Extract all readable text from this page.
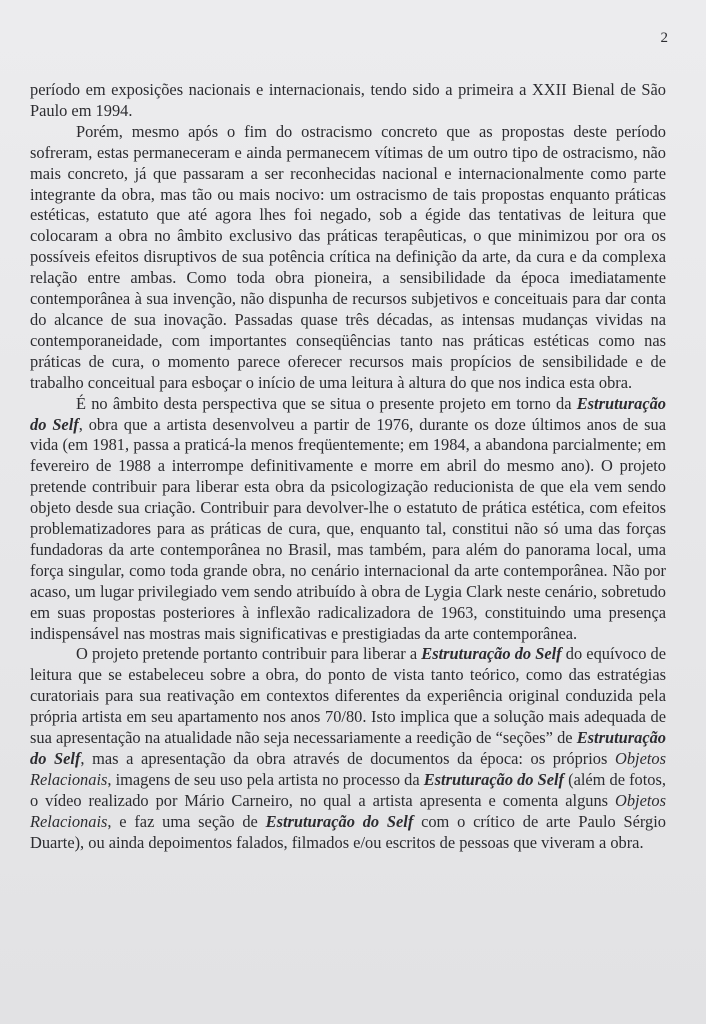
2

período em exposições nacionais e internacionais, tendo sido a primeira a XXII Bienal de São Paulo em 1994.

Porém, mesmo após o fim do ostracismo concreto que as propostas deste período sofreram, estas permaneceram e ainda permanecem vítimas de um outro tipo de ostracismo, não mais concreto, já que passaram a ser reconhecidas nacional e internacionalmente como parte integrante da obra, mas tão ou mais nocivo: um ostracismo de tais propostas enquanto práticas estéticas, estatuto que até agora lhes foi negado, sob a égide das tentativas de leitura que colocaram a obra no âmbito exclusivo das práticas terapêuticas, o que minimizou por ora os possíveis efeitos disruptivos de sua potência crítica na definição da arte, da cura e da complexa relação entre ambas. Como toda obra pioneira, a sensibilidade da época imediatamente contemporânea à sua invenção, não dispunha de recursos subjetivos e conceituais para dar conta do alcance de sua inovação. Passadas quase três décadas, as intensas mudanças vividas na contemporaneidade, com importantes conseqüências tanto nas práticas estéticas como nas práticas de cura, o momento parece oferecer recursos mais propícios de sensibilidade e de trabalho conceitual para esboçar o início de uma leitura à altura do que nos indica esta obra.

É no âmbito desta perspectiva que se situa o presente projeto em torno da Estruturação do Self, obra que a artista desenvolveu a partir de 1976, durante os doze últimos anos de sua vida (em 1981, passa a praticá-la menos freqüentemente; em 1984, a abandona parcialmente; em fevereiro de 1988 a interrompe definitivamente e morre em abril do mesmo ano). O projeto pretende contribuir para liberar esta obra da psicologização reducionista de que ela vem sendo objeto desde sua criação. Contribuir para devolver-lhe o estatuto de prática estética, com efeitos problematizadores para as práticas de cura, que, enquanto tal, constitui não só uma das forças fundadoras da arte contemporânea no Brasil, mas também, para além do panorama local, uma força singular, como toda grande obra, no cenário internacional da arte contemporânea. Não por acaso, um lugar privilegiado vem sendo atribuído à obra de Lygia Clark neste cenário, sobretudo em suas propostas posteriores à inflexão radicalizadora de 1963, constituindo uma presença indispensável nas mostras mais significativas e prestigiadas da arte contemporânea.

O projeto pretende portanto contribuir para liberar a Estruturação do Self do equívoco de leitura que se estabeleceu sobre a obra, do ponto de vista tanto teórico, como das estratégias curatoriais para sua reativação em contextos diferentes da experiência original conduzida pela própria artista em seu apartamento nos anos 70/80. Isto implica que a solução mais adequada de sua apresentação na atualidade não seja necessariamente a reedição de “seções” de Estruturação do Self, mas a apresentação da obra através de documentos da época: os próprios Objetos Relacionais, imagens de seu uso pela artista no processo da Estruturação do Self (além de fotos, o vídeo realizado por Mário Carneiro, no qual a artista apresenta e comenta alguns Objetos Relacionais, e faz uma seção de Estruturação do Self com o crítico de arte Paulo Sérgio Duarte), ou ainda depoimentos falados, filmados e/ou escritos de pessoas que viveram a obra.
